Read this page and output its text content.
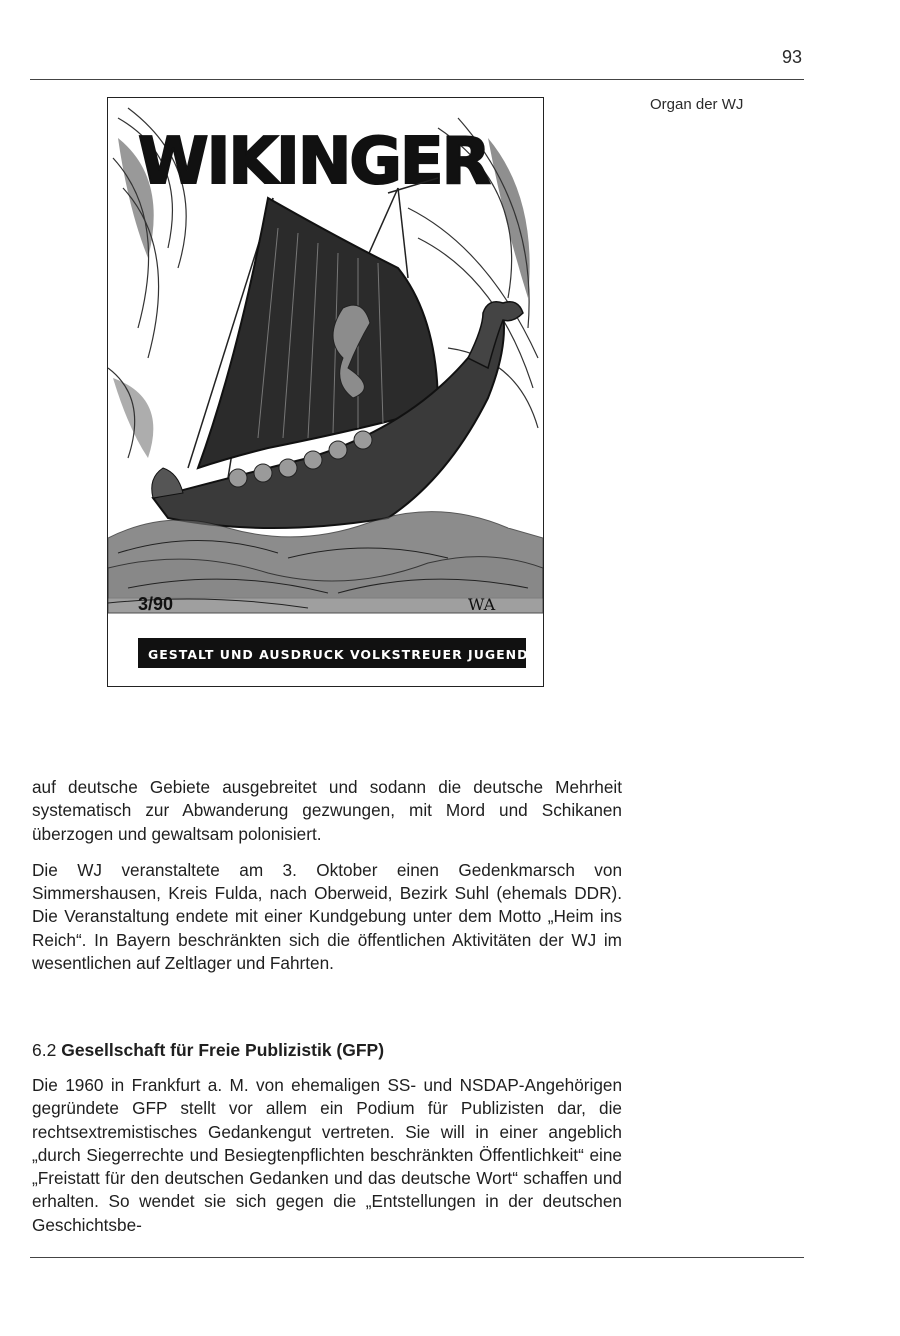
93
Organ der WJ
WIKINGER
3/90	WA
GESTALT UND AUSDRUCK VOLKSTREUER JUGEND

auf deutsche Gebiete ausgebreitet und sodann die deutsche Mehrheit systematisch zur Abwanderung gezwungen, mit Mord und Schikanen überzogen und gewaltsam polonisiert.

Die WJ veranstaltete am 3. Oktober einen Gedenkmarsch von Simmershausen, Kreis Fulda, nach Oberweid, Bezirk Suhl (ehemals DDR). Die Veranstaltung endete mit einer Kundgebung unter dem Motto „Heim ins Reich“. In Bayern beschränkten sich die öffentlichen Aktivitäten der WJ im wesentlichen auf Zeltlager und Fahrten.

6.2 Gesellschaft für Freie Publizistik (GFP)

Die 1960 in Frankfurt a. M. von ehemaligen SS- und NSDAP-Angehörigen gegründete GFP stellt vor allem ein Podium für Publizisten dar, die rechtsextremistisches Gedankengut vertreten. Sie will in einer angeblich „durch Siegerrechte und Besiegtenpflichten beschränkten Öffentlichkeit“ eine „Freistatt für den deutschen Gedanken und das deutsche Wort“ schaffen und erhalten. So wendet sie sich gegen die „Entstellungen in der deutschen Geschichtsbe-
